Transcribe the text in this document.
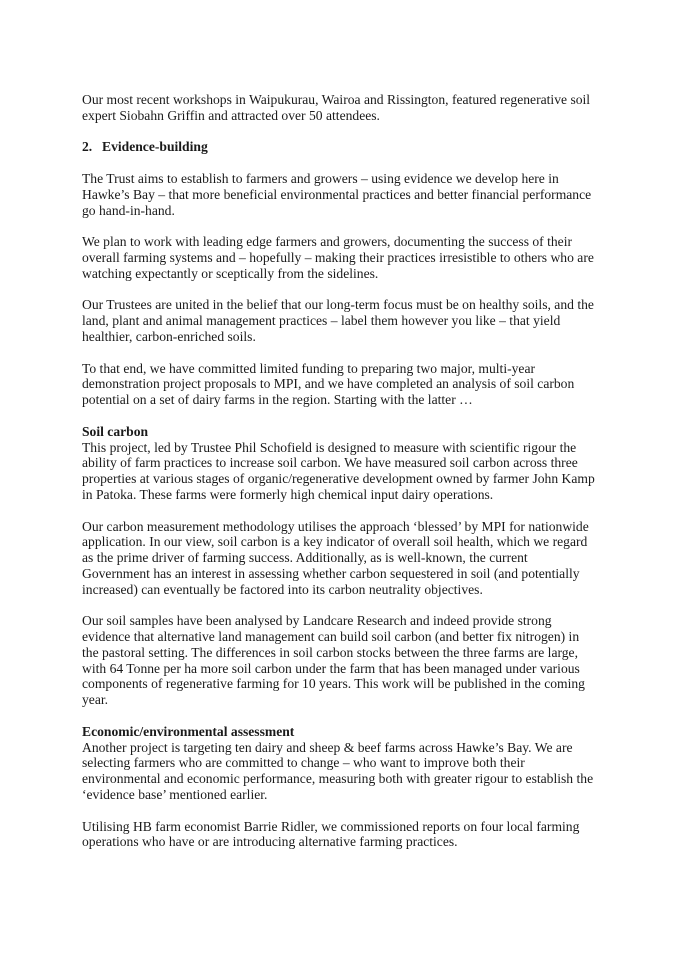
Our most recent workshops in Waipukurau, Wairoa and Rissington, featured regenerative soil expert Siobahn Griffin and attracted over 50 attendees.

2. Evidence-building

The Trust aims to establish to farmers and growers – using evidence we develop here in Hawke’s Bay – that more beneficial environmental practices and better financial performance go hand-in-hand.

We plan to work with leading edge farmers and growers, documenting the success of their overall farming systems and – hopefully – making their practices irresistible to others who are watching expectantly or sceptically from the sidelines.

Our Trustees are united in the belief that our long-term focus must be on healthy soils, and the land, plant and animal management practices – label them however you like – that yield healthier, carbon-enriched soils.

To that end, we have committed limited funding to preparing two major, multi-year demonstration project proposals to MPI, and we have completed an analysis of soil carbon potential on a set of dairy farms in the region. Starting with the latter …

Soil carbon

This project, led by Trustee Phil Schofield is designed to measure with scientific rigour the ability of farm practices to increase soil carbon. We have measured soil carbon across three properties at various stages of organic/regenerative development owned by farmer John Kamp in Patoka. These farms were formerly high chemical input dairy operations.

Our carbon measurement methodology utilises the approach ‘blessed’ by MPI for nationwide application. In our view, soil carbon is a key indicator of overall soil health, which we regard as the prime driver of farming success. Additionally, as is well-known, the current Government has an interest in assessing whether carbon sequestered in soil (and potentially increased) can eventually be factored into its carbon neutrality objectives.

Our soil samples have been analysed by Landcare Research and indeed provide strong evidence that alternative land management can build soil carbon (and better fix nitrogen) in the pastoral setting. The differences in soil carbon stocks between the three farms are large, with 64 Tonne per ha more soil carbon under the farm that has been managed under various components of regenerative farming for 10 years. This work will be published in the coming year.

Economic/environmental assessment

Another project is targeting ten dairy and sheep & beef farms across Hawke’s Bay. We are selecting farmers who are committed to change – who want to improve both their environmental and economic performance, measuring both with greater rigour to establish the ‘evidence base’ mentioned earlier.

Utilising HB farm economist Barrie Ridler, we commissioned reports on four local farming operations who have or are introducing alternative farming practices.
